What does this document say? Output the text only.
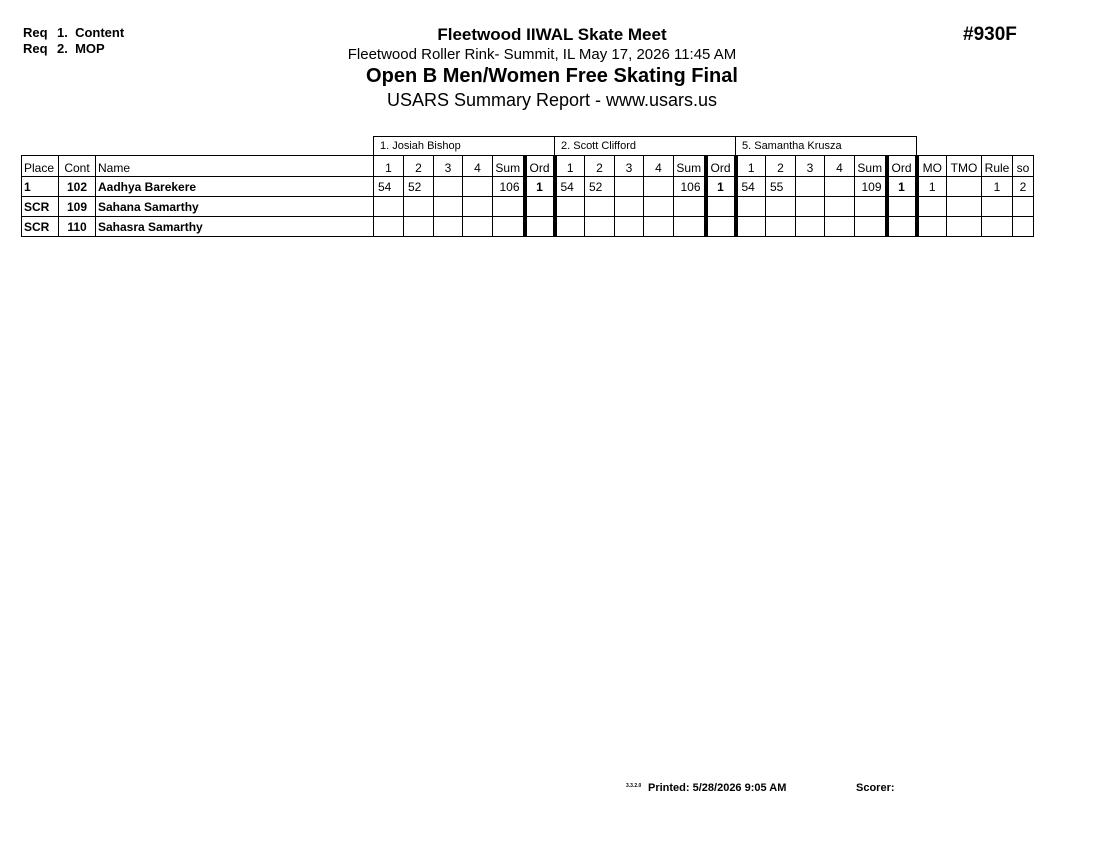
Req 1. Content
Req 2. MOP
Fleetwood IIWAL Skate Meet
Fleetwood Roller Rink- Summit, IL May 17, 2026 11:45 AM
Open B Men/Women Free Skating Final
USARS Summary Report - www.usars.us
#930F
			1. Josiah Bishop						2. Scott Clifford						5. Samantha Krusza									
Place	Cont	Name	1	2	3	4	Sum	Ord	1	2	3	4	Sum	Ord	1	2	3	4	Sum	Ord	MO	TMO	Rule	so
1	102	Aadhya Barekere	54	52			106	1	54	52			106	1	54	55			109	1	1		1	2
SCR	109	Sahana Samarthy																						
SCR	110	Sahasra Samarthy																						
3.3.2.0 Printed: 5/28/2026 9:05 AM	Scorer:
